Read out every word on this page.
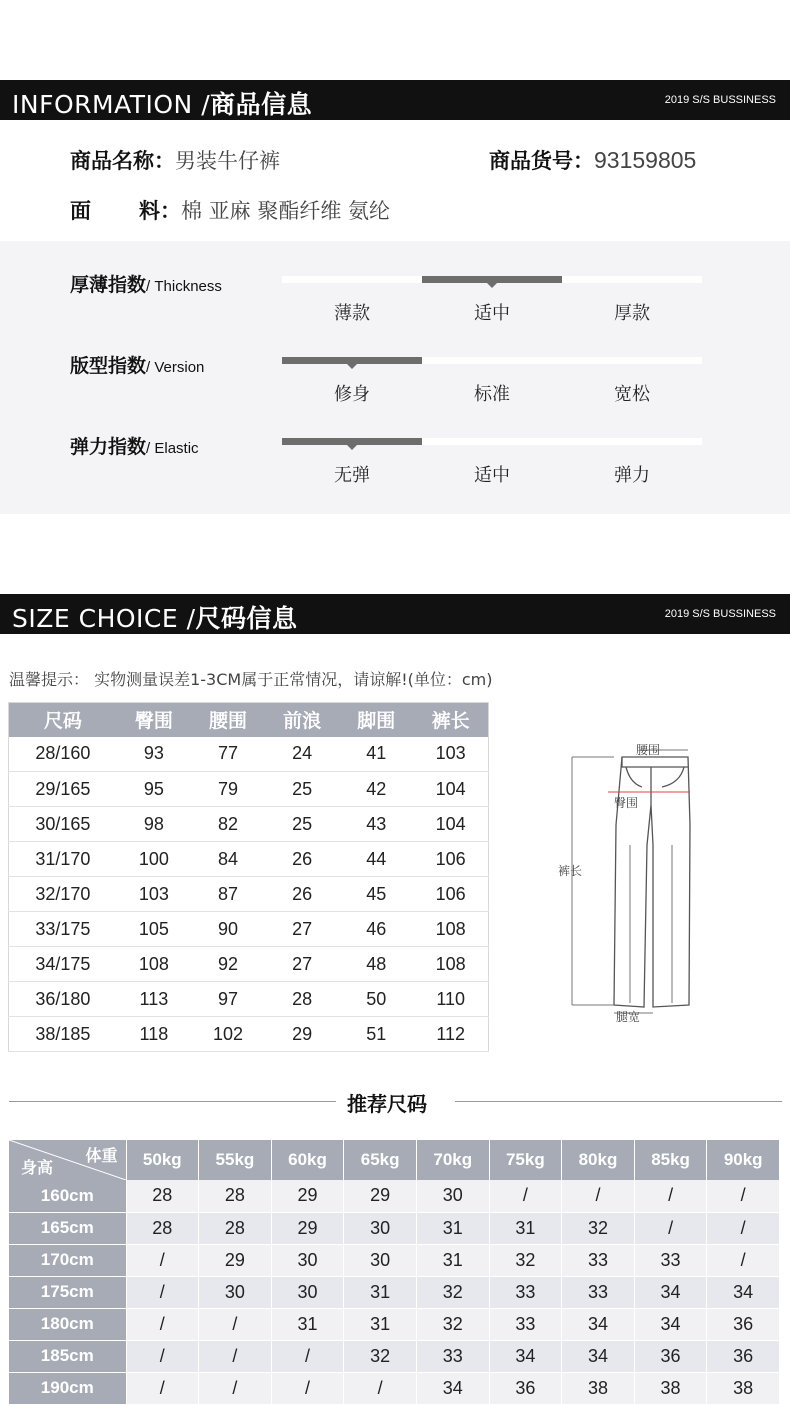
INFORMATION /商品信息	2019 S/S BUSSINESS
商品名称：男装牛仔裤	商品货号：93159805
面 料：棉 亚麻 聚酯纤维 氨纶
厚薄指数/ Thickness
薄款	适中	厚款
版型指数/ Version
修身	标准	宽松
弹力指数/ Elastic
无弹	适中	弹力
SIZE CHOICE /尺码信息	2019 S/S BUSSINESS
温馨提示： 实物测量误差1-3CM属于正常情况，请谅解!(单位：cm)
尺码	臀围	腰围	前浪	脚围	裤长
28/160	93	77	24	41	103
29/165	95	79	25	42	104
30/165	98	82	25	43	104
31/170	100	84	26	44	106
32/170	103	87	26	45	106
33/175	105	90	27	46	108
34/175	108	92	27	48	108
36/180	113	97	28	50	110
38/185	118	102	29	51	112
腰围
臀围
裤长
腿宽
推荐尺码
体重
身高	50kg	55kg	60kg	65kg	70kg	75kg	80kg	85kg	90kg
160cm	28	28	29	29	30	/	/	/	/
165cm	28	28	29	30	31	31	32	/	/
170cm	/	29	30	30	31	32	33	33	/
175cm	/	30	30	31	32	33	33	34	34
180cm	/	/	31	31	32	33	34	34	36
185cm	/	/	/	32	33	34	34	36	36
190cm	/	/	/	/	34	36	38	38	38
